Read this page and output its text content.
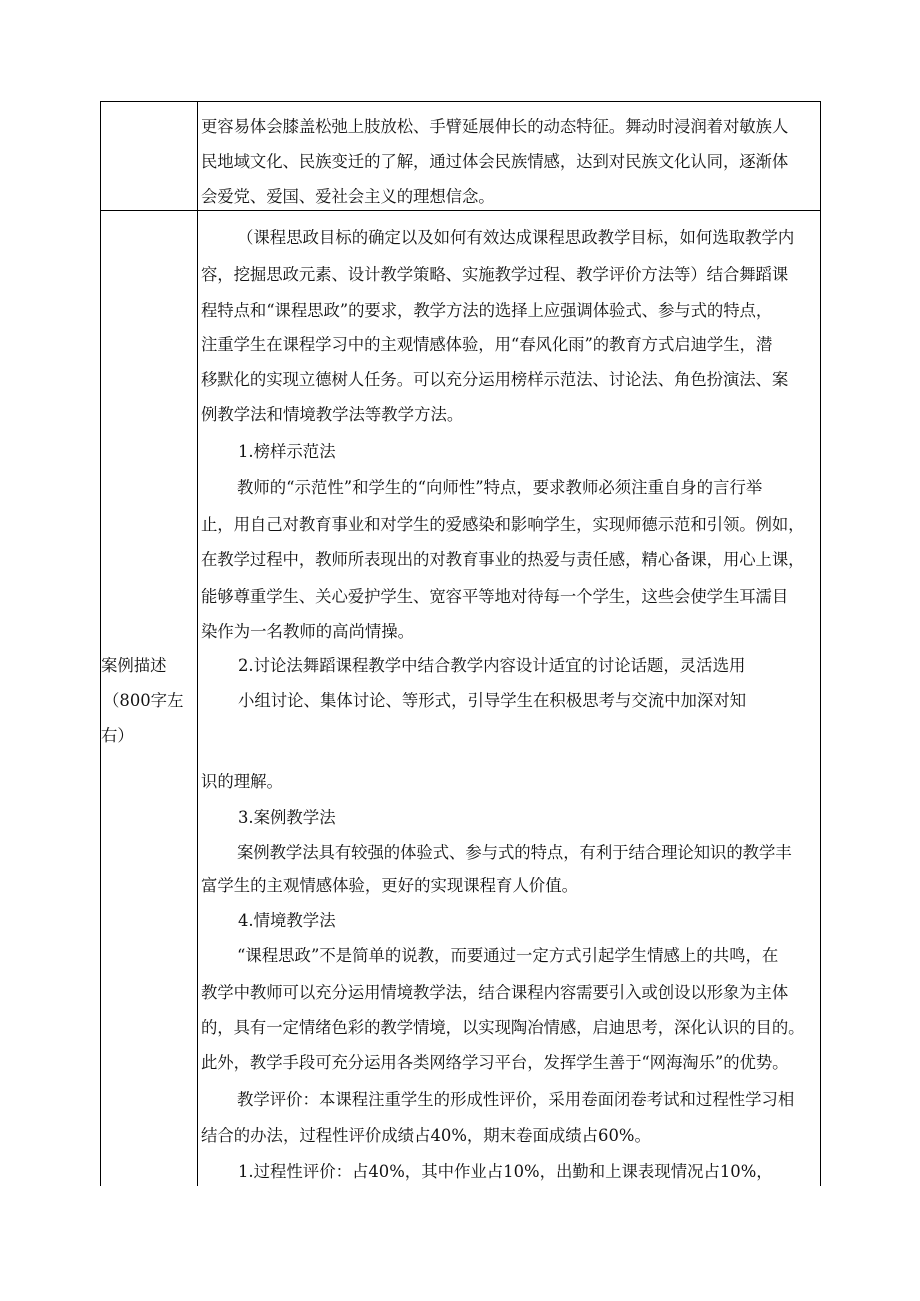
更容易体会膝盖松弛上肢放松、手臂延展伸长的动态特征。舞动时浸润着对敏族人
民地域文化、民族变迁的了解，通过体会民族情感，达到对民族文化认同，逐渐体
会爱党、爱国、爱社会主义的理想信念。
案例描述
（800字左
右）
（课程思政目标的确定以及如何有效达成课程思政教学目标，如何选取教学内
容，挖掘思政元素、设计教学策略、实施教学过程、教学评价方法等）结合舞蹈课
程特点和“课程思政”的要求，教学方法的选择上应强调体验式、参与式的特点，
注重学生在课程学习中的主观情感体验，用“春风化雨”的教育方式启迪学生，潜
移默化的实现立德树人任务。可以充分运用榜样示范法、讨论法、角色扮演法、案
例教学法和情境教学法等教学方法。
1.榜样示范法
教师的“示范性”和学生的“向师性”特点，要求教师必须注重自身的言行举
止，用自己对教育事业和对学生的爱感染和影响学生，实现师德示范和引领。例如，
在教学过程中，教师所表现出的对教育事业的热爱与责任感，精心备课，用心上课，
能够尊重学生、关心爱护学生、宽容平等地对待每一个学生，这些会使学生耳濡目
染作为一名教师的高尚情操。
2.讨论法舞蹈课程教学中结合教学内容设计适宜的讨论话题，灵活选用
小组讨论、集体讨论、等形式，引导学生在积极思考与交流中加深对知
识的理解。
3.案例教学法
案例教学法具有较强的体验式、参与式的特点，有利于结合理论知识的教学丰
富学生的主观情感体验，更好的实现课程育人价值。
4.情境教学法
“课程思政”不是简单的说教，而要通过一定方式引起学生情感上的共鸣，在
教学中教师可以充分运用情境教学法，结合课程内容需要引入或创设以形象为主体
的，具有一定情绪色彩的教学情境，以实现陶冶情感，启迪思考，深化认识的目的。
此外，教学手段可充分运用各类网络学习平台，发挥学生善于“网海淘乐”的优势。
教学评价：本课程注重学生的形成性评价，采用卷面闭卷考试和过程性学习相
结合的办法，过程性评价成绩占40%，期末卷面成绩占60%。
1.过程性评价：占40%，其中作业占10%，出勤和上课表现情况占10%，
